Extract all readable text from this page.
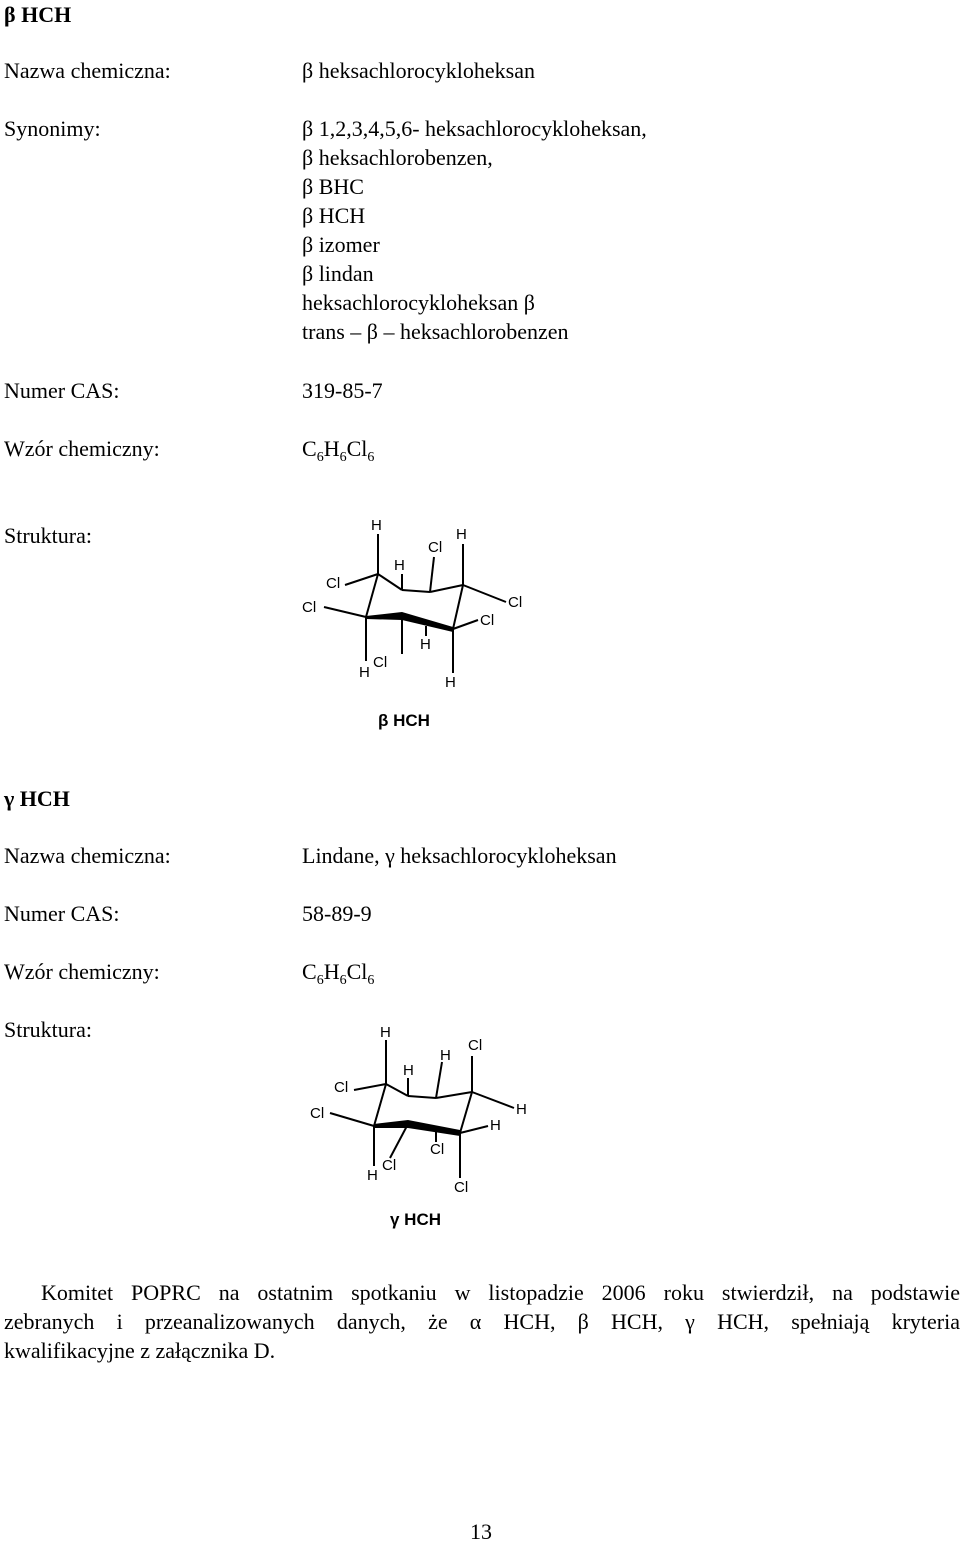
β HCH
Nazwa chemiczna:	β heksachlorocykloheksan
Synonimy:	β 1,2,3,4,5,6- heksachlorocykloheksan,
β heksachlorobenzen,
β BHC
β HCH
β izomer
β lindan
heksachlorocykloheksan β
trans – β – heksachlorobenzen
Numer CAS:	319-85-7
Wzór chemiczny:	$C_6H_6Cl_6$
Struktura:	H
H
Cl
H
Cl
Cl	Cl
Cl
H
Cl
H
H
β HCH
γ HCH
Nazwa chemiczna:	Lindane, γ heksachlorocykloheksan
Numer CAS:	58-89-9
Wzór chemiczny:	$C_6H_6Cl_6$
Struktura:	H
Cl
H
H
Cl
Cl	H
H
Cl
Cl
H
Cl
γ HCH
Komitet POPRC na ostatnim spotkaniu w listopadzie 2006 roku stwierdził, na podstawie
zebranych i przeanalizowanych danych, że α HCH, β HCH, γ HCH, spełniają kryteria
kwalifikacyjne z załącznika D.
13
